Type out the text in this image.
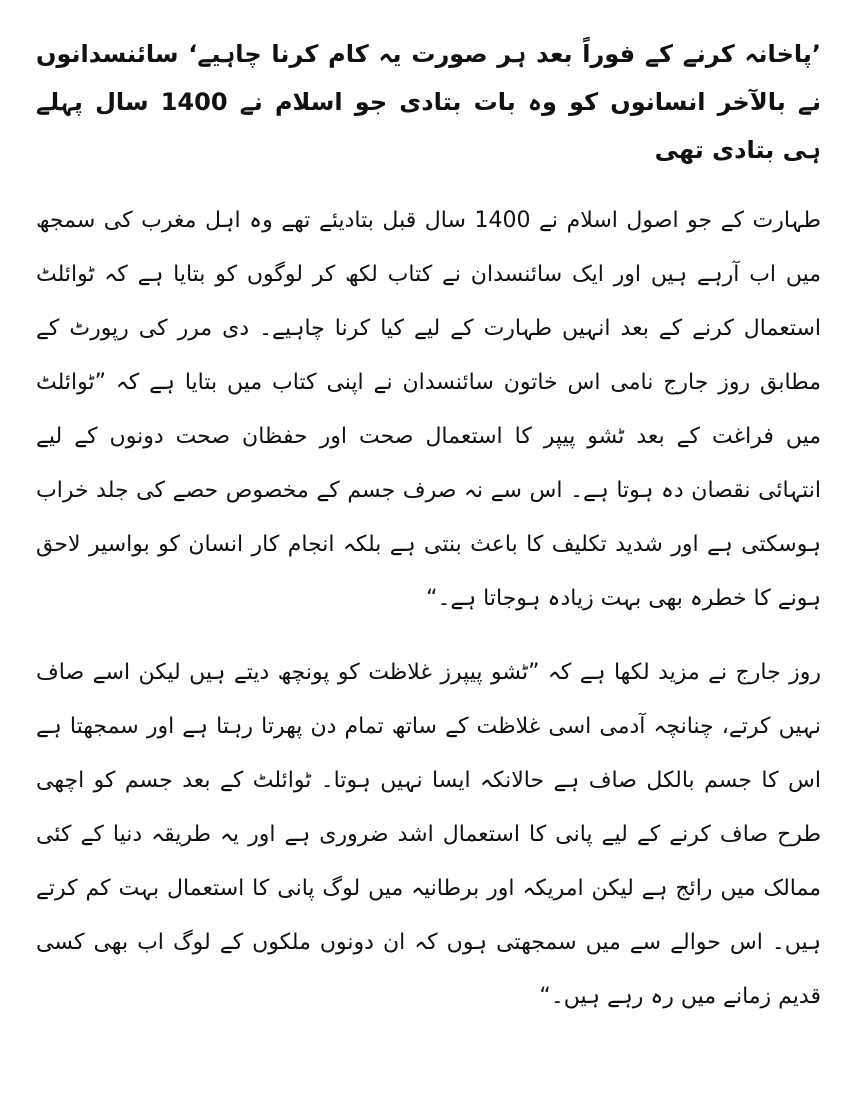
’پاخانہ کرنے کے فوراً بعد ہر صورت یہ کام کرنا چاہیے‘ سائنسدانوں نے بالآخر انسانوں کو وہ بات بتادی جو اسلام نے 1400 سال پہلے ہی بتادی تھی

طہارت کے جو اصول اسلام نے 1400 سال قبل بتادیئے تھے وہ اہل مغرب کی سمجھ میں اب آرہے ہیں اور ایک سائنسدان نے کتاب لکھ کر لوگوں کو بتایا ہے کہ ٹوائلٹ استعمال کرنے کے بعد انہیں طہارت کے لیے کیا کرنا چاہیے۔ دی مرر کی رپورٹ کے مطابق روز جارج نامی اس خاتون سائنسدان نے اپنی کتاب میں بتایا ہے کہ ”ٹوائلٹ میں فراغت کے بعد ٹشو پیپر کا استعمال صحت اور حفظان صحت دونوں کے لیے انتہائی نقصان دہ ہوتا ہے۔ اس سے نہ صرف جسم کے مخصوص حصے کی جلد خراب ہوسکتی ہے اور شدید تکلیف کا باعث بنتی ہے بلکہ انجام کار انسان کو بواسیر لاحق ہونے کا خطرہ بھی بہت زیادہ ہوجاتا ہے۔“

روز جارج نے مزید لکھا ہے کہ ”ٹشو پیپرز غلاظت کو پونچھ دیتے ہیں لیکن اسے صاف نہیں کرتے، چنانچہ آدمی اسی غلاظت کے ساتھ تمام دن پھرتا رہتا ہے اور سمجھتا ہے اس کا جسم بالکل صاف ہے حالانکہ ایسا نہیں ہوتا۔ ٹوائلٹ کے بعد جسم کو اچھی طرح صاف کرنے کے لیے پانی کا استعمال اشد ضروری ہے اور یہ طریقہ دنیا کے کئی ممالک میں رائج ہے لیکن امریکہ اور برطانیہ میں لوگ پانی کا استعمال بہت کم کرتے ہیں۔ اس حوالے سے میں سمجھتی ہوں کہ ان دونوں ملکوں کے لوگ اب بھی کسی قدیم زمانے میں رہ رہے ہیں۔“
